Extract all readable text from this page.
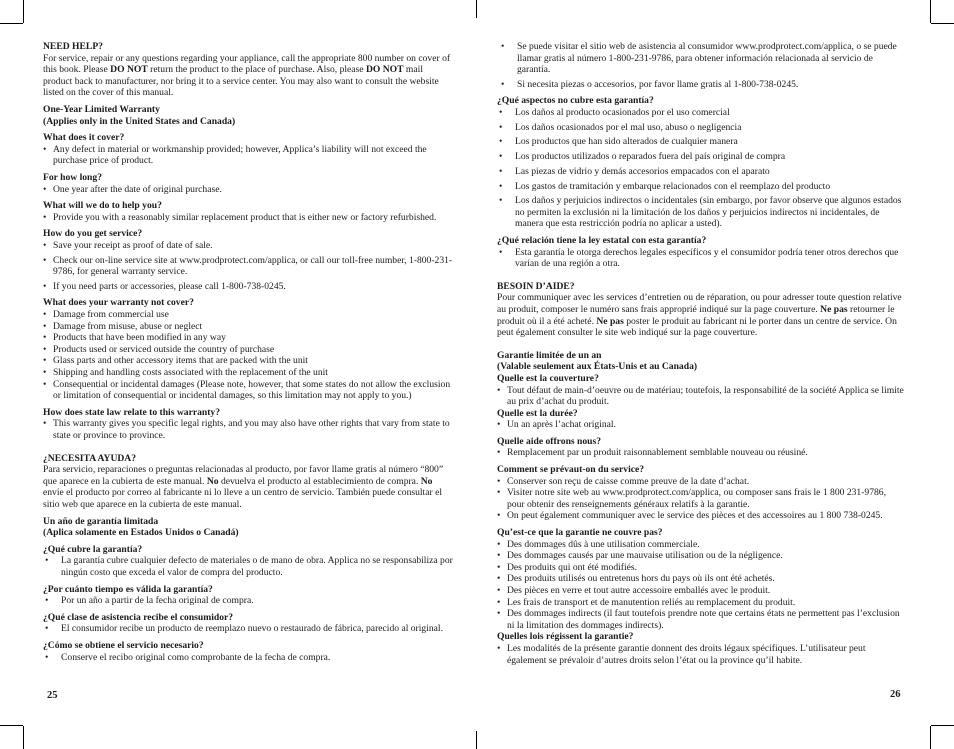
NEED HELP?

For service, repair or any questions regarding your appliance, call the appropriate 800 number on cover of this book. Please DO NOT return the product to the place of purchase. Also, please DO NOT mail product back to manufacturer, nor bring it to a service center. You may also want to consult the website listed on the cover of this manual.

One-Year Limited Warranty

(Applies only in the United States and Canada)

What does it cover?

• Any defect in material or workmanship provided; however, Applica’s liability will not exceed the purchase price of product.

For how long?

• One year after the date of original purchase.

What will we do to help you?

• Provide you with a reasonably similar replacement product that is either new or factory refurbished.

How do you get service?

• Save your receipt as proof of date of sale.
• Check our on-line service site at www.prodprotect.com/applica, or call our toll-free number, 1-800-231-9786, for general warranty service.
• If you need parts or accessories, please call 1-800-738-0245.

What does your warranty not cover?

• Damage from commercial use
• Damage from misuse, abuse or neglect
• Products that have been modified in any way
• Products used or serviced outside the country of purchase
• Glass parts and other accessory items that are packed with the unit
• Shipping and handling costs associated with the replacement of the unit
• Consequential or incidental damages (Please note, however, that some states do not allow the exclusion or limitation of consequential or incidental damages, so this limitation may not apply to you.)

How does state law relate to this warranty?

• This warranty gives you specific legal rights, and you may also have other rights that vary from state to state or province to province.

¿NECESITA AYUDA?

Para servicio, reparaciones o preguntas relacionadas al producto, por favor llame gratis al número “800” que aparece en la cubierta de este manual. No devuelva el producto al establecimiento de compra. No envíe el producto por correo al fabricante ni lo lleve a un centro de servicio. También puede consultar el sitio web que aparece en la cubierta de este manual.

Un año de garantía limitada

(Aplica solamente en Estados Unidos o Canadá)

¿Qué cubre la garantía?

• La garantía cubre cualquier defecto de materiales o de mano de obra. Applica no se responsabiliza por ningún costo que exceda el valor de compra del producto.

¿Por cuánto tiempo es válida la garantía?

• Por un año a partir de la fecha original de compra.

¿Qué clase de asistencia recibe el consumidor?

• El consumidor recibe un producto de reemplazo nuevo o restaurado de fábrica, parecido al original.

¿Cómo se obtiene el servicio necesario?

• Conserve el recibo original como comprobante de la fecha de compra.
25
• Se puede visitar el sitio web de asistencia al consumidor www.prodprotect.com/applica, o se puede llamar gratis al número 1-800-231-9786, para obtener información relacionada al servicio de garantía.
• Si necesita piezas o accesorios, por favor llame gratis al 1-800-738-0245.

¿Qué aspectos no cubre esta garantía?

• Los daños al producto ocasionados por el uso comercial
• Los daños ocasionados por el mal uso, abuso o negligencia
• Los productos que han sido alterados de cualquier manera
• Los productos utilizados o reparados fuera del país original de compra
• Las piezas de vidrio y demás accesorios empacados con el aparato
• Los gastos de tramitación y embarque relacionados con el reemplazo del producto
• Los daños y perjuicios indirectos o incidentales (sin embargo, por favor observe que algunos estados no permiten la exclusión ni la limitación de los daños y perjuicios indirectos ni incidentales, de manera que esta restricción podría no aplicar a usted).

¿Qué relación tiene la ley estatal con esta garantía?

• Esta garantía le otorga derechos legales específicos y el consumidor podría tener otros derechos que varían de una región a otra.

BESOIN D’AIDE?

Pour communiquer avec les services d’entretien ou de réparation, ou pour adresser toute question relative au produit, composer le numéro sans frais approprié indiqué sur la page couverture. Ne pas retourner le produit où il a été acheté. Ne pas poster le produit au fabricant ni le porter dans un centre de service. On peut également consulter le site web indiqué sur la page couverture.

Garantie limitée de un an

(Valable seulement aux États-Unis et au Canada)

Quelle est la couverture?

• Tout défaut de main-d’oeuvre ou de matériau; toutefois, la responsabilité de la société Applica se limite au prix d’achat du produit.

Quelle est la durée?

• Un an après l’achat original.

Quelle aide offrons nous?

• Remplacement par un produit raisonnablement semblable nouveau ou réusiné.

Comment se prévaut-on du service?

• Conserver son reçu de caisse comme preuve de la date d’achat.
• Visiter notre site web au www.prodprotect.com/applica, ou composer sans frais le 1 800 231-9786, pour obtenir des renseignements généraux relatifs à la garantie.
• On peut également communiquer avec le service des pièces et des accessoires au 1 800 738-0245.

Qu’est-ce que la garantie ne couvre pas?

• Des dommages dûs à une utilisation commerciale.
• Des dommages causés par une mauvaise utilisation ou de la négligence.
• Des produits qui ont été modifiés.
• Des produits utilisés ou entretenus hors du pays où ils ont été achetés.
• Des pièces en verre et tout autre accessoire emballés avec le produit.
• Les frais de transport et de manutention reliés au remplacement du produit.
• Des dommages indirects (il faut toutefois prendre note que certains états ne permettent pas l’exclusion ni la limitation des dommages indirects).

Quelles lois régissent la garantie?

• Les modalités de la présente garantie donnent des droits légaux spécifiques. L’utilisateur peut également se prévaloir d’autres droits selon l’état ou la province qu’il habite.
26
